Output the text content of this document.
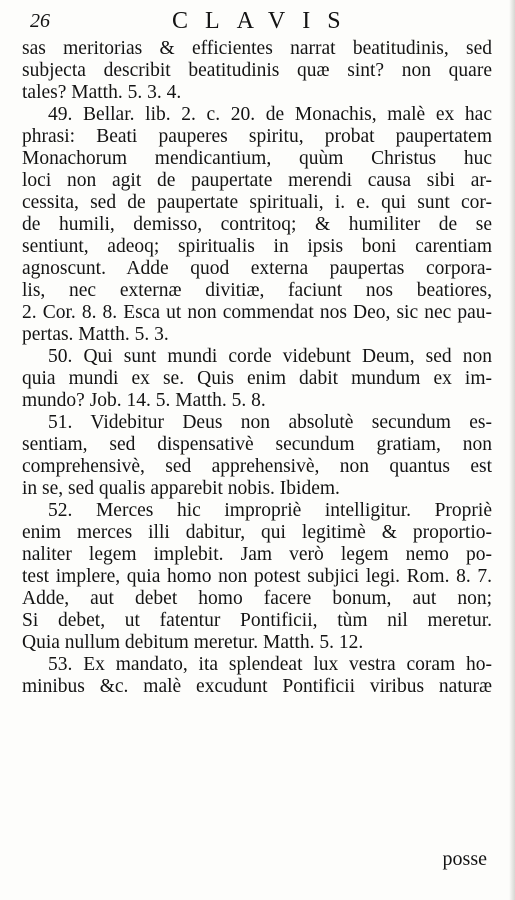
26	CLAVIS
sas meritorias & efficientes narrat beatitudinis, sed
subjecta describit beatitudinis quæ sint? non quare
tales? Matth. 5. 3. 4.
49. Bellar. lib. 2. c. 20. de Monachis, malè ex hac
phrasi: Beati pauperes spiritu, probat paupertatem
Monachorum mendicantium, quùm Christus huc
loci non agit de paupertate merendi causa sibi ar-
cessita, sed de paupertate spirituali, i. e. qui sunt cor-
de humili, demisso, contritoq; & humiliter de se
sentiunt, adeoq; spiritualis in ipsis boni carentiam
agnoscunt. Adde quod externa paupertas corpora-
lis, nec externæ divitiæ, faciunt nos beatiores,
2. Cor. 8. 8. Esca ut non commendat nos Deo, sic nec pau-
pertas. Matth. 5. 3.
50. Qui sunt mundi corde videbunt Deum, sed non
quia mundi ex se. Quis enim dabit mundum ex im-
mundo? Job. 14. 5. Matth. 5. 8.
51. Videbitur Deus non absolutè secundum es-
sentiam, sed dispensativè secundum gratiam, non
comprehensivè, sed apprehensivè, non quantus est
in se, sed qualis apparebit nobis. Ibidem.
52. Merces hic impropriè intelligitur. Propriè
enim merces illi dabitur, qui legitimè & proportio-
naliter legem implebit. Jam verò legem nemo po-
test implere, quia homo non potest subjici legi. Rom. 8. 7.
Adde, aut debet homo facere bonum, aut non;
Si debet, ut fatentur Pontificii, tùm nil meretur.
Quia nullum debitum meretur. Matth. 5. 12.
53. Ex mandato, ita splendeat lux vestra coram ho-
minibus &c. malè excudunt Pontificii viribus naturæ
posse
